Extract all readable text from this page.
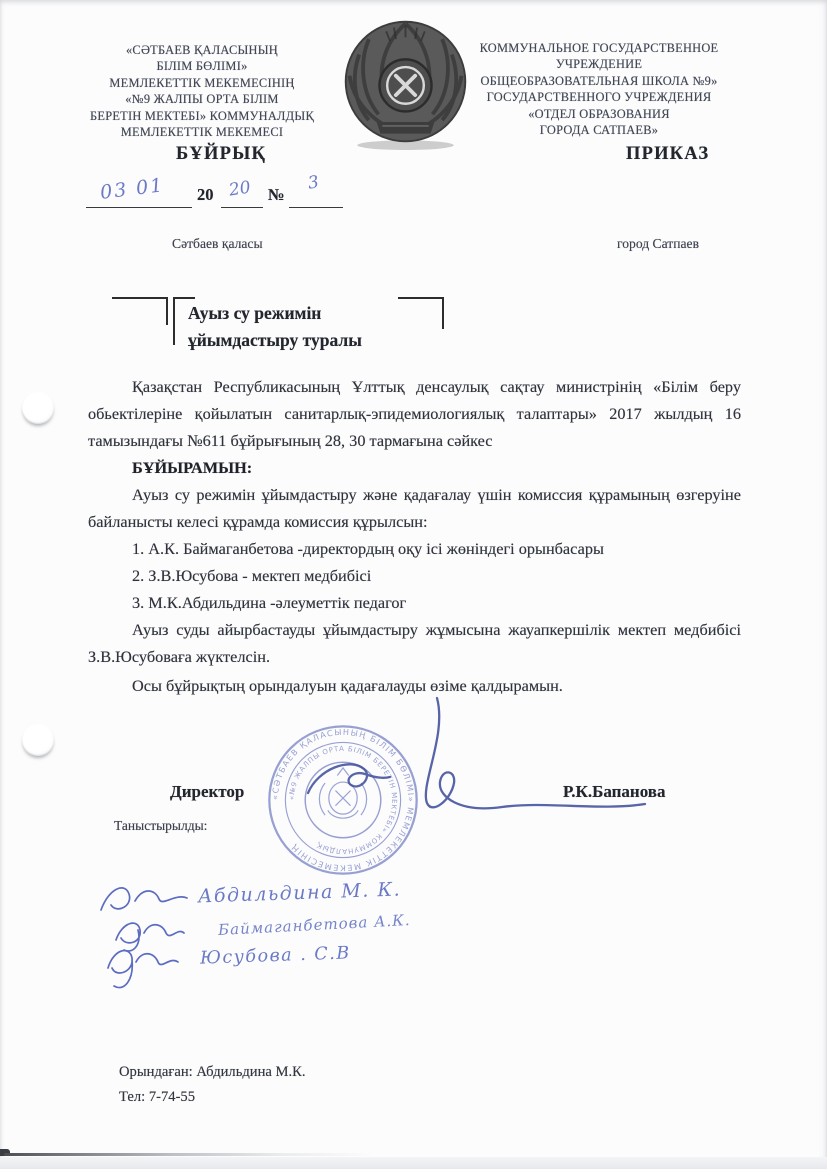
«СӘТБАЕВ ҚАЛАСЫНЫҢ
БІЛІМ БӨЛІМІ»
МЕМЛЕКЕТТІК МЕКЕМЕСІНІҢ
«№9 ЖАЛПЫ ОРТА БІЛІМ
БЕРЕТІН МЕКТЕБІ» КОММУНАЛДЫҚ
МЕМЛЕКЕТТІК МЕКЕМЕСІ
КОММУНАЛЬНОЕ ГОСУДАРСТВЕННОЕ
УЧРЕЖДЕНИЕ
ОБЩЕОБРАЗОВАТЕЛЬНАЯ ШКОЛА №9»
ГОСУДАРСТВЕННОГО УЧРЕЖДЕНИЯ
«ОТДЕЛ ОБРАЗОВАНИЯ
ГОРОДА САТПАЕВ»
БҰЙРЫҚ	ПРИКАЗ
03 01 20 20 №
3
Сәтбаев қаласы	город Сатпаев
Ауыз су режимін
ұйымдастыру туралы

Қазақстан Республикасының Ұлттық денсаулық сақтау министрінің «Білім беру обьектілеріне қойылатын санитарлық-эпидемиологиялық талаптары» 2017 жылдың 16 тамызындағы №611 бұйрығының 28, 30 тармағына сәйкес

БҰЙЫРАМЫН:

Ауыз су режимін ұйымдастыру және қадағалау үшін комиссия құрамының өзгеруіне байланысты келесі құрамда комиссия құрылсын:

1. А.К. Баймаганбетова -директордың оқу ісі жөніндегі орынбасары
2. З.В.Юсубова - мектеп медбибісі
3. М.К.Абдильдина -әлеуметтік педагог

Ауыз суды айырбастауды ұйымдастыру жұмысына жауапкершілік мектеп медбибісі З.В.Юсубоваға жүктелсін.

Осы бұйрықтың орындалуын қадағалауды өзіме қалдырамын.

«СӘТБАЕВ ҚАЛАСЫНЫҢ БІЛІМ БӨЛІМІ» МЕМЛЕКЕТТІК МЕКЕМЕСІНІҢ
«№9 ЖАЛПЫ ОРТА БІЛІМ БЕРЕТІН МЕКТЕБІ» КОММУНАЛДЫҚ
Директор	Р.К.Бапанова
Таныстырылды:
Абдильдина М. К.
Баймаганбетова А.К.
Юсубова . С.В
Орындаған: Абдильдина М.К.
Тел: 7-74-55
